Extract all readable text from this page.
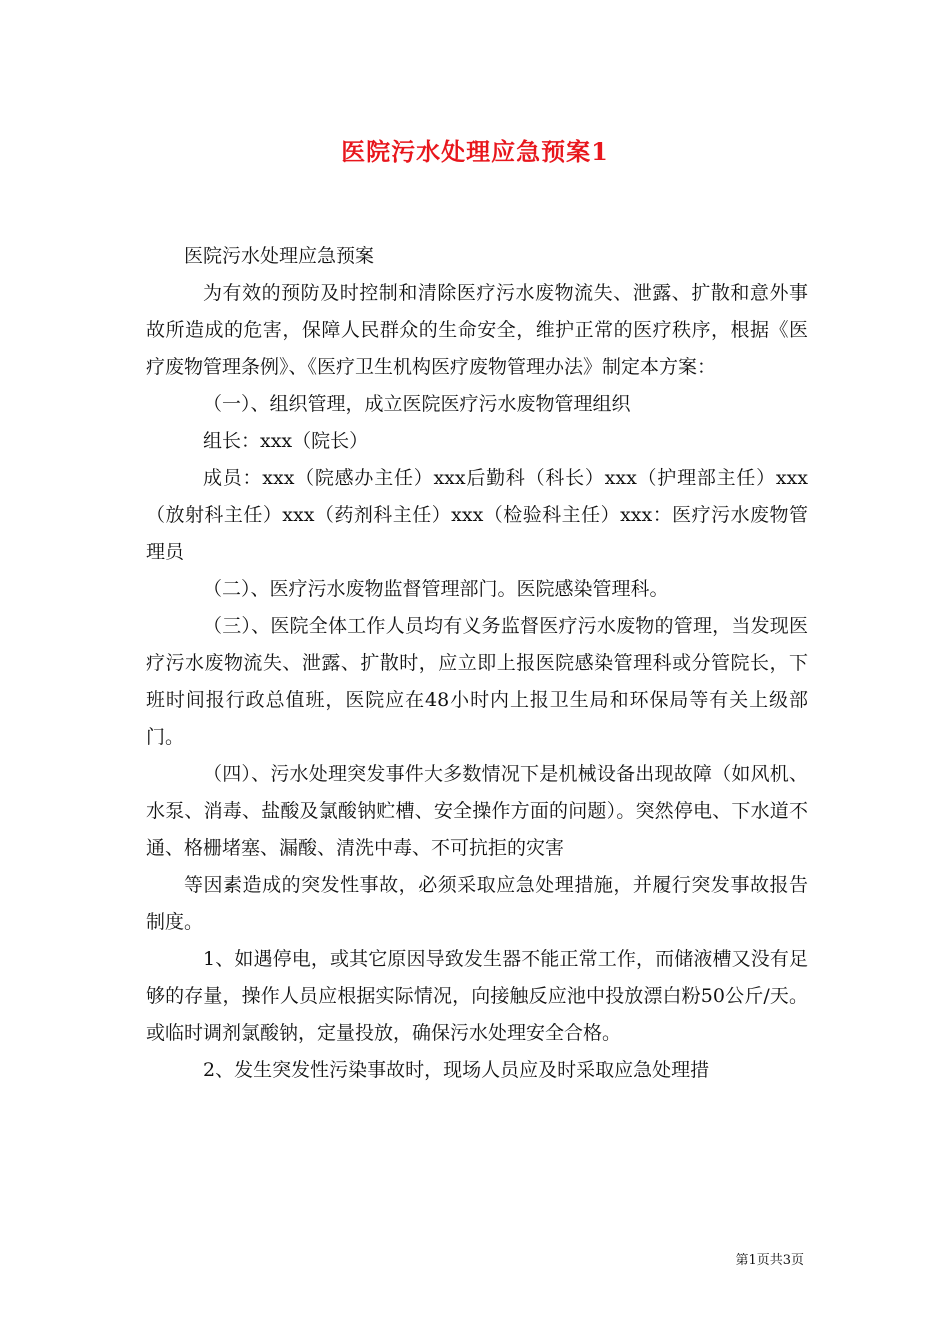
医院污水处理应急预案1

医院污水处理应急预案

为有效的预防及时控制和清除医疗污水废物流失、泄露、扩散和意外事故所造成的危害，保障人民群众的生命安全，维护正常的医疗秩序，根据《医疗废物管理条例》、《医疗卫生机构医疗废物管理办法》制定本方案：

（一）、组织管理，成立医院医疗污水废物管理组织

组长：xxx（院长）

成员：xxx（院感办主任）xxx后勤科（科长）xxx（护理部主任）xxx（放射科主任）xxx（药剂科主任）xxx（检验科主任）xxx：医疗污水废物管理员

（二）、医疗污水废物监督管理部门。医院感染管理科。

（三）、医院全体工作人员均有义务监督医疗污水废物的管理，当发现医疗污水废物流失、泄露、扩散时，应立即上报医院感染管理科或分管院长，下班时间报行政总值班，医院应在48小时内上报卫生局和环保局等有关上级部门。

（四）、污水处理突发事件大多数情况下是机械设备出现故障（如风机、水泵、消毒、盐酸及氯酸钠贮槽、安全操作方面的问题）。突然停电、下水道不通、格栅堵塞、漏酸、清洗中毒、不可抗拒的灾害

等因素造成的突发性事故，必须采取应急处理措施，并履行突发事故报告制度。

1、如遇停电，或其它原因导致发生器不能正常工作，而储液槽又没有足够的存量，操作人员应根据实际情况，向接触反应池中投放漂白粉50公斤/天。或临时调剂氯酸钠，定量投放，确保污水处理安全合格。

2、发生突发性污染事故时，现场人员应及时采取应急处理措

第1页共3页
